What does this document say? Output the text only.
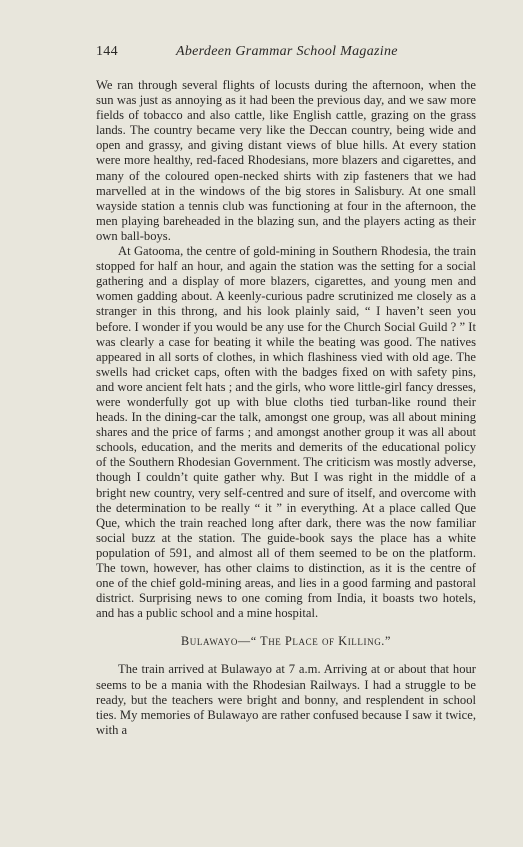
144	Aberdeen Grammar School Magazine

We ran through several flights of locusts during the afternoon, when the sun was just as annoying as it had been the previous day, and we saw more fields of tobacco and also cattle, like English cattle, grazing on the grass lands. The country became very like the Deccan country, being wide and open and grassy, and giving distant views of blue hills. At every station were more healthy, red-faced Rhodesians, more blazers and cigarettes, and many of the coloured open-necked shirts with zip fasteners that we had marvelled at in the windows of the big stores in Salisbury. At one small wayside station a tennis club was functioning at four in the afternoon, the men playing bareheaded in the blazing sun, and the players acting as their own ball-boys.

At Gatooma, the centre of gold-mining in Southern Rhodesia, the train stopped for half an hour, and again the station was the setting for a social gathering and a display of more blazers, cigarettes, and young men and women gadding about. A keenly-curious padre scrutinized me closely as a stranger in this throng, and his look plainly said, “ I haven’t seen you before. I wonder if you would be any use for the Church Social Guild ? ” It was clearly a case for beating it while the beating was good. The natives appeared in all sorts of clothes, in which flashiness vied with old age. The swells had cricket caps, often with the badges fixed on with safety pins, and wore ancient felt hats ; and the girls, who wore little-girl fancy dresses, were wonderfully got up with blue cloths tied turban-like round their heads. In the dining-car the talk, amongst one group, was all about mining shares and the price of farms ; and amongst another group it was all about schools, education, and the merits and demerits of the educational policy of the Southern Rhodesian Government. The criticism was mostly adverse, though I couldn’t quite gather why. But I was right in the middle of a bright new country, very self-centred and sure of itself, and overcome with the determination to be really “ it ” in everything. At a place called Que Que, which the train reached long after dark, there was the now familiar social buzz at the station. The guide-book says the place has a white population of 591, and almost all of them seemed to be on the platform. The town, however, has other claims to distinction, as it is the centre of one of the chief gold-mining areas, and lies in a good farming and pastoral district. Surprising news to one coming from India, it boasts two hotels, and has a public school and a mine hospital.

Bulawayo—“ The Place of Killing.”

The train arrived at Bulawayo at 7 a.m. Arriving at or about that hour seems to be a mania with the Rhodesian Railways. I had a struggle to be ready, but the teachers were bright and bonny, and resplendent in school ties. My memories of Bulawayo are rather confused because I saw it twice, with a
